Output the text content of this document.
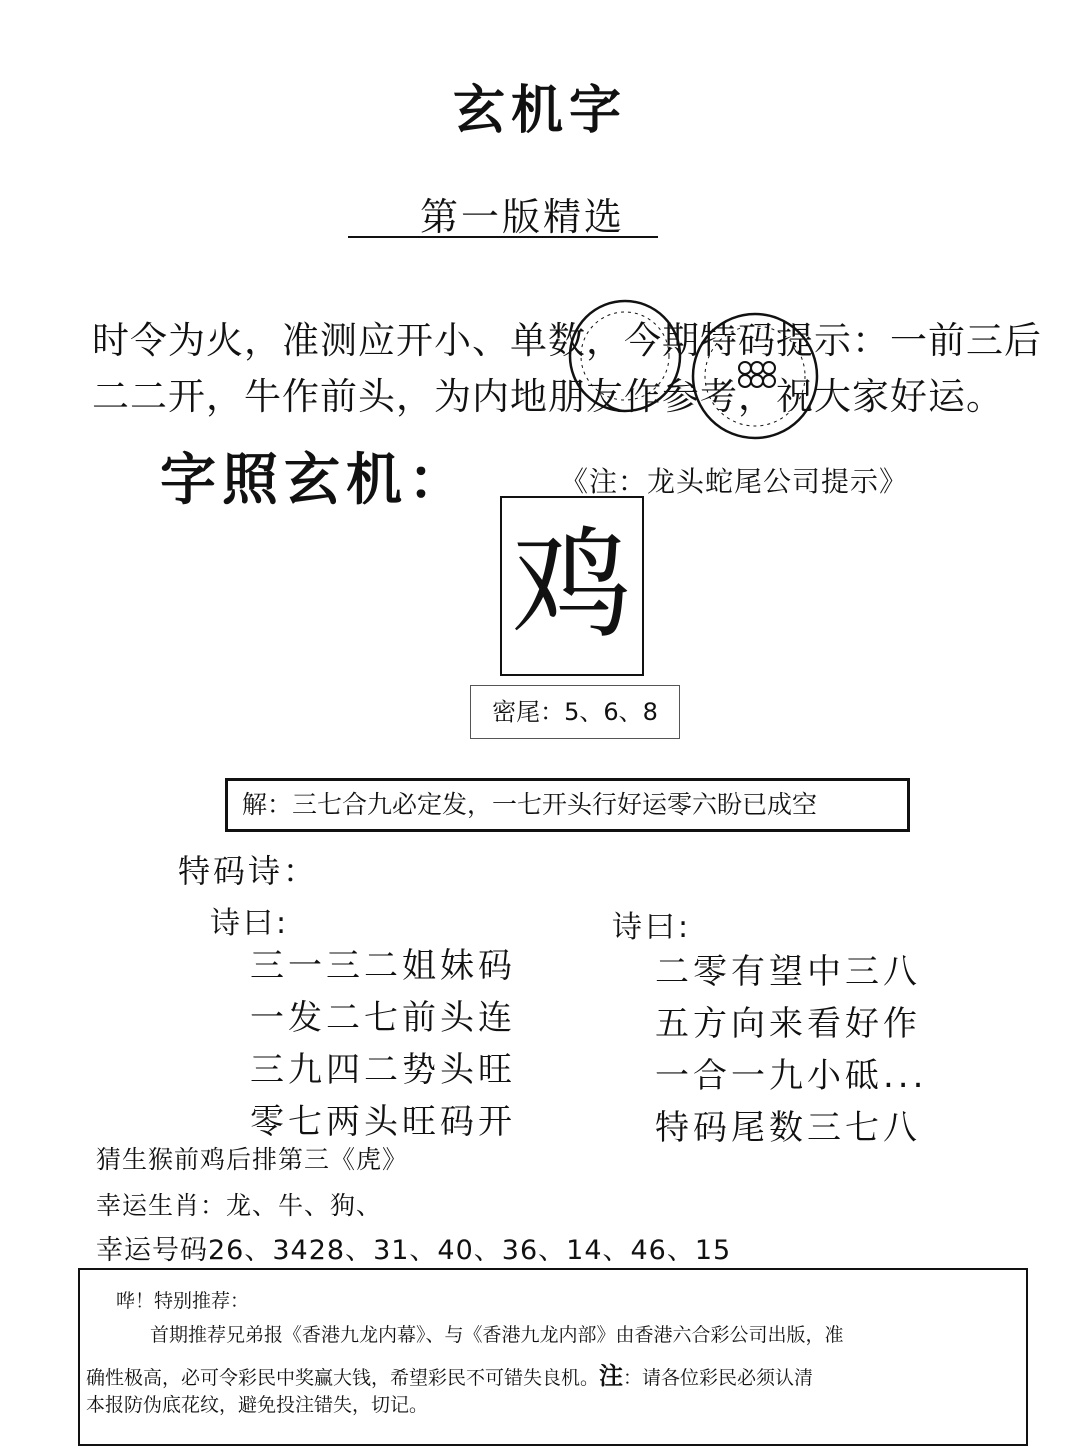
玄机字
第一版精选
时令为火，准测应开小、单数，今期特码提示：一前三后
二二开，牛作前头，为内地朋友作参考，祝大家好运。
字照玄机：	《注：龙头蛇尾公司提示》
鸡
密尾：5、6、8
解：三七合九必定发，一七开头行好运零六盼已成空
特码诗：
诗曰:	诗曰:
三一三二姐妹码
一发二七前头连
三九四二势头旺
零七两头旺码开
二零有望中三八
五方向来看好作
一合一九小砥...
特码尾数三七八
猜生猴前鸡后排第三《虎》
幸运生肖：龙、牛、狗、
幸运号码26、3428、31、40、36、14、46、15
哗！特别推荐：
首期推荐兄弟报《香港九龙内幕》、与《香港九龙内部》由香港六合彩公司出版，准
确性极高，必可令彩民中奖赢大钱，希望彩民不可错失良机。注：请各位彩民必须认清
本报防伪底花纹，避免投注错失，切记。
